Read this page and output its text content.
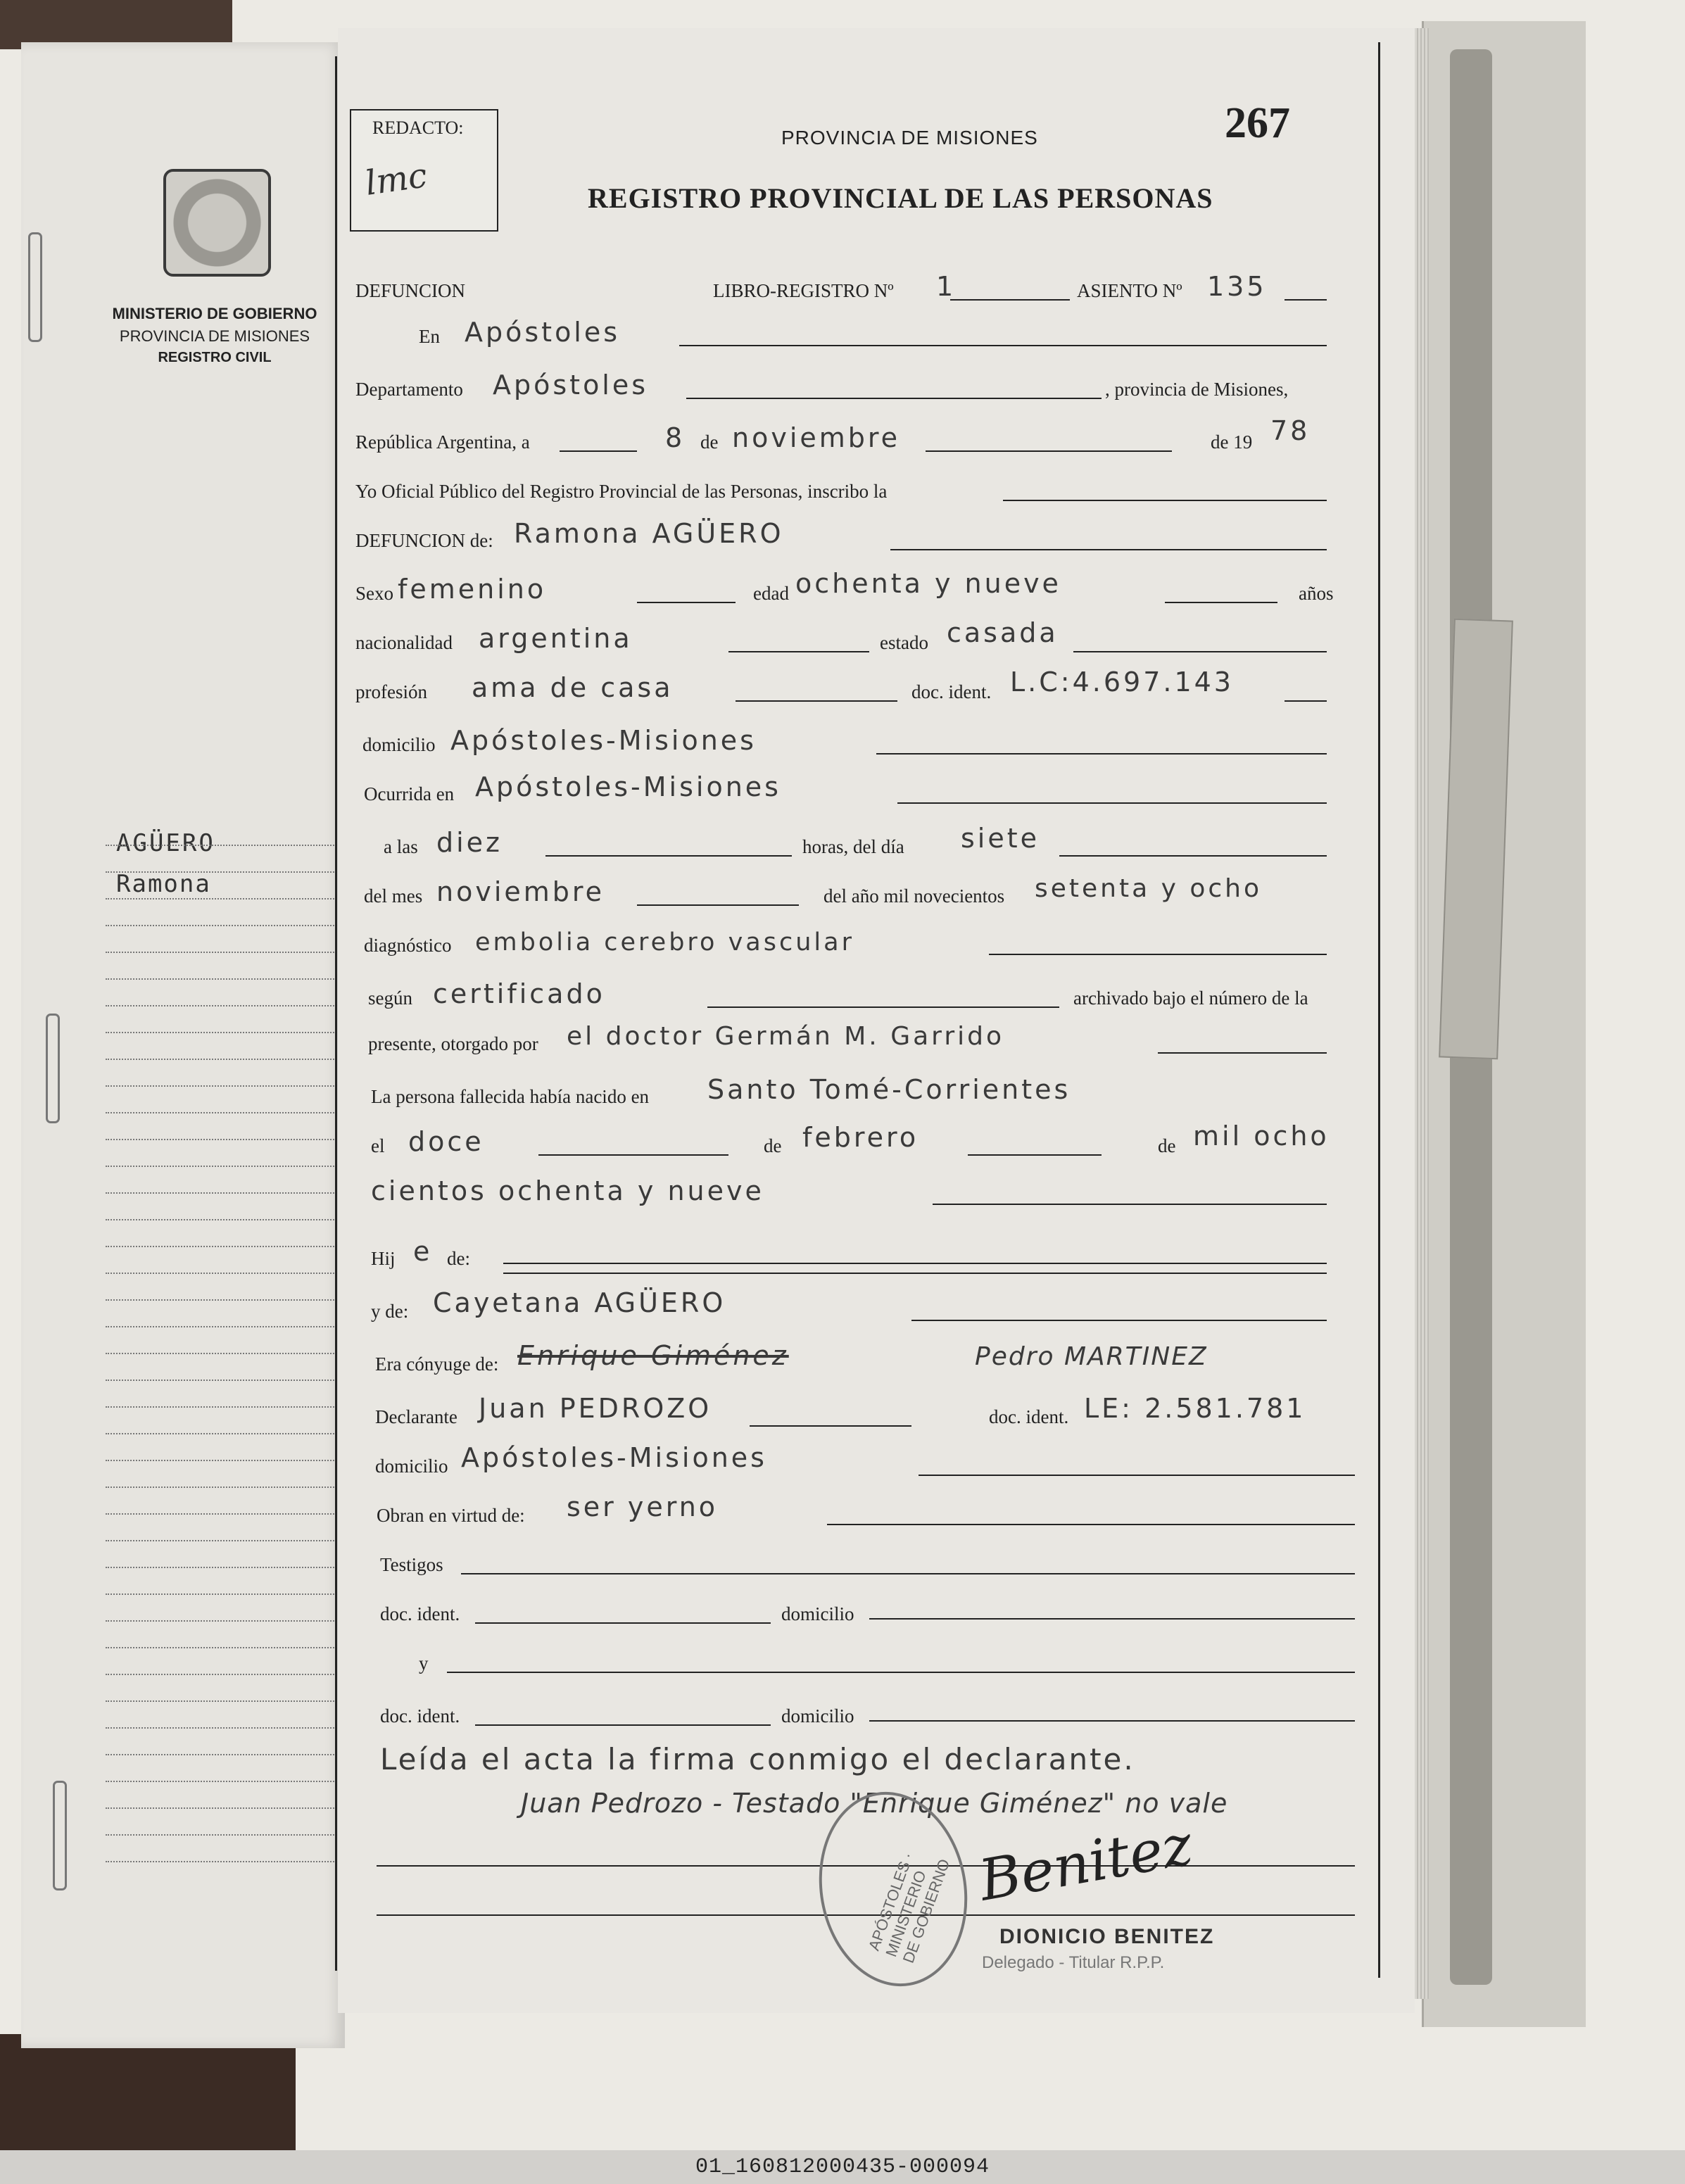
MINISTERIO DE GOBIERNO
PROVINCIA DE MISIONES
REGISTRO CIVIL
AGÜERO
Ramona
REDACTO:
lmc
267
PROVINCIA DE MISIONES
REGISTRO PROVINCIAL DE LAS PERSONAS
DEFUNCION	LIBRO-REGISTRO Nº 1	ASIENTO Nº 135
En Apóstoles
Departamento Apóstoles	, provincia de Misiones,
República Argentina, a	8 de noviembre	de 19 78
Yo Oficial Público del Registro Provincial de las Personas, inscribo la
DEFUNCION de: Ramona AGÜERO
Sexo femenino	edad ochenta y nueve	años
nacionalidad argentina	estado casada
profesión ama de casa	doc. ident. L.C:4.697.143
domicilio Apóstoles-Misiones
Ocurrida en Apóstoles-Misiones
a las diez	horas, del día siete
del mes noviembre	del año mil novecientos setenta y ocho
diagnóstico embolia cerebro vascular
según certificado	archivado bajo el número de la
presente, otorgado por el doctor Germán M. Garrido
La persona fallecida había nacido en Santo Tomé-Corrientes
el doce	de febrero	de mil ocho
cientos ochenta y nueve
Hij e de:
y de: Cayetana AGÜERO
Era cónyuge de: Enrique Giménez	Pedro MARTINEZ
Declarante Juan PEDROZO	doc. ident. LE: 2.581.781
domicilio Apóstoles-Misiones
Obran en virtud de: ser yerno
Testigos
doc. ident.	domicilio
y
doc. ident.	domicilio
Leída el acta la firma conmigo el declarante.
Juan Pedrozo - Testado "Enrique Giménez" no vale
APÓSTOLES · MINISTERIO DE GOBIERNO Benitez
DIONICIO BENITEZ
Delegado - Titular R.P.P.
01_160812000435-000094
